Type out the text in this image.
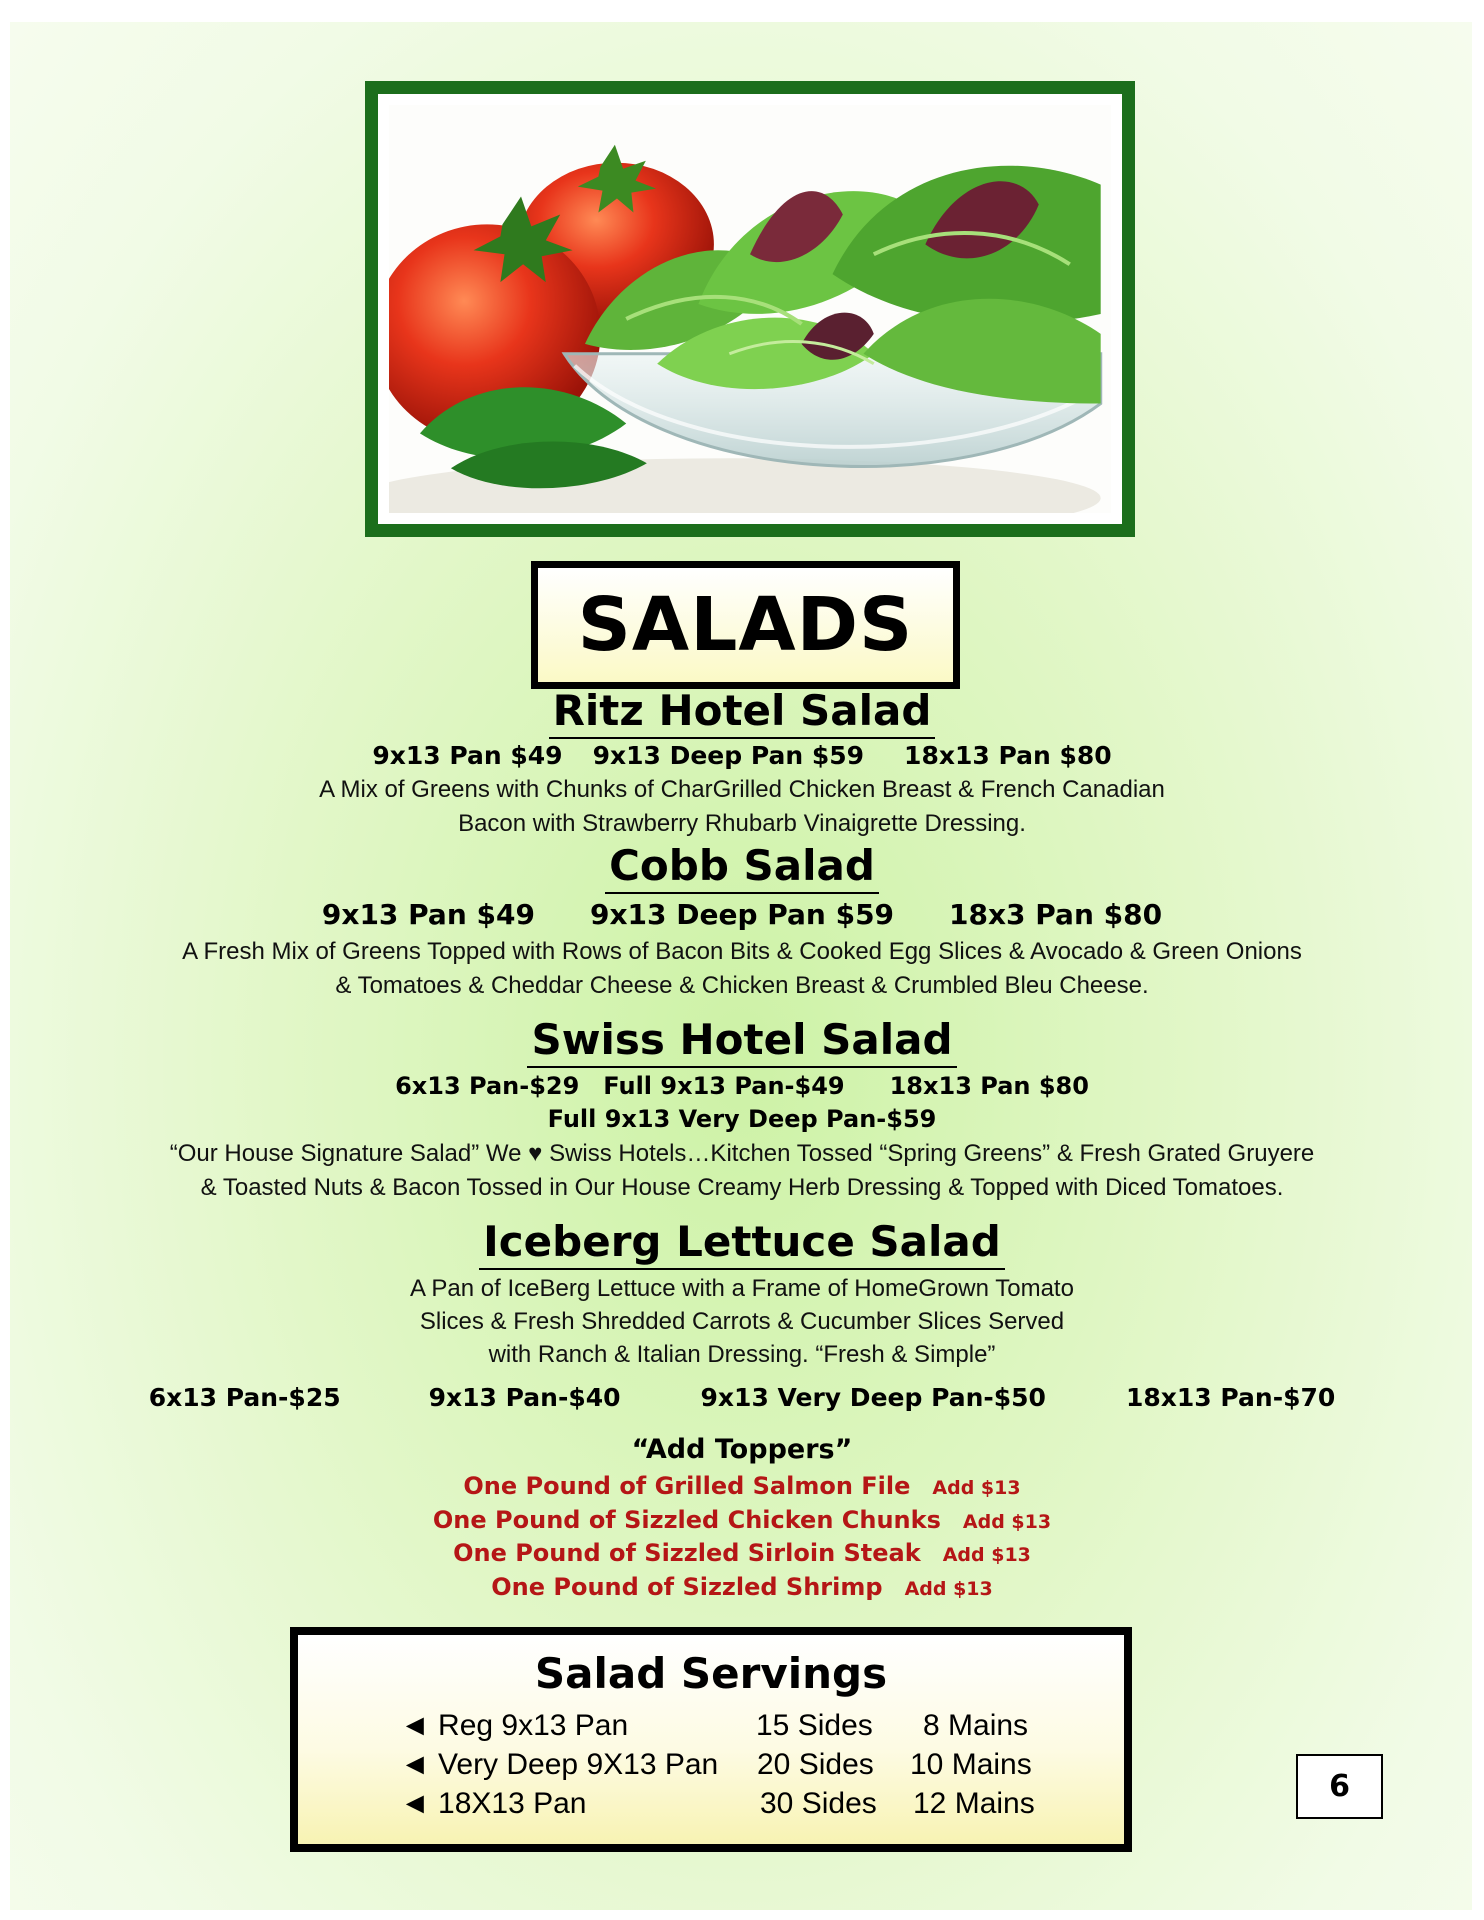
SALADS
Ritz Hotel Salad
9x13 Pan $49 9x13 Deep Pan $59 18x13 Pan $80
A Mix of Greens with Chunks of CharGrilled Chicken Breast & French Canadian
Bacon with Strawberry Rhubarb Vinaigrette Dressing.
Cobb Salad
9x13 Pan $49 9x13 Deep Pan $59 18x3 Pan $80
A Fresh Mix of Greens Topped with Rows of Bacon Bits & Cooked Egg Slices & Avocado & Green Onions
& Tomatoes & Cheddar Cheese & Chicken Breast & Crumbled Bleu Cheese.
Swiss Hotel Salad
6x13 Pan-$29 Full 9x13 Pan-$49 18x13 Pan $80
Full 9x13 Very Deep Pan-$59
“Our House Signature Salad” We ♥ Swiss Hotels…Kitchen Tossed “Spring Greens” & Fresh Grated Gruyere
& Toasted Nuts & Bacon Tossed in Our House Creamy Herb Dressing & Topped with Diced Tomatoes.
Iceberg Lettuce Salad
A Pan of IceBerg Lettuce with a Frame of HomeGrown Tomato
Slices & Fresh Shredded Carrots & Cucumber Slices Served
with Ranch & Italian Dressing. “Fresh & Simple”
6x13 Pan-$25	9x13 Pan-$40	9x13 Very Deep Pan-$50	18x13 Pan-$70
“Add Toppers”
One Pound of Grilled Salmon File Add $13
One Pound of Sizzled Chicken Chunks Add $13
One Pound of Sizzled Sirloin Steak Add $13
One Pound of Sizzled Shrimp Add $13
Salad Servings
◄ Reg 9x13 Pan	15 Sides 8 Mains
◄ Very Deep 9X13 Pan 20 Sides 10 Mains
◄ 18X13 Pan	30 Sides 12 Mains	6
